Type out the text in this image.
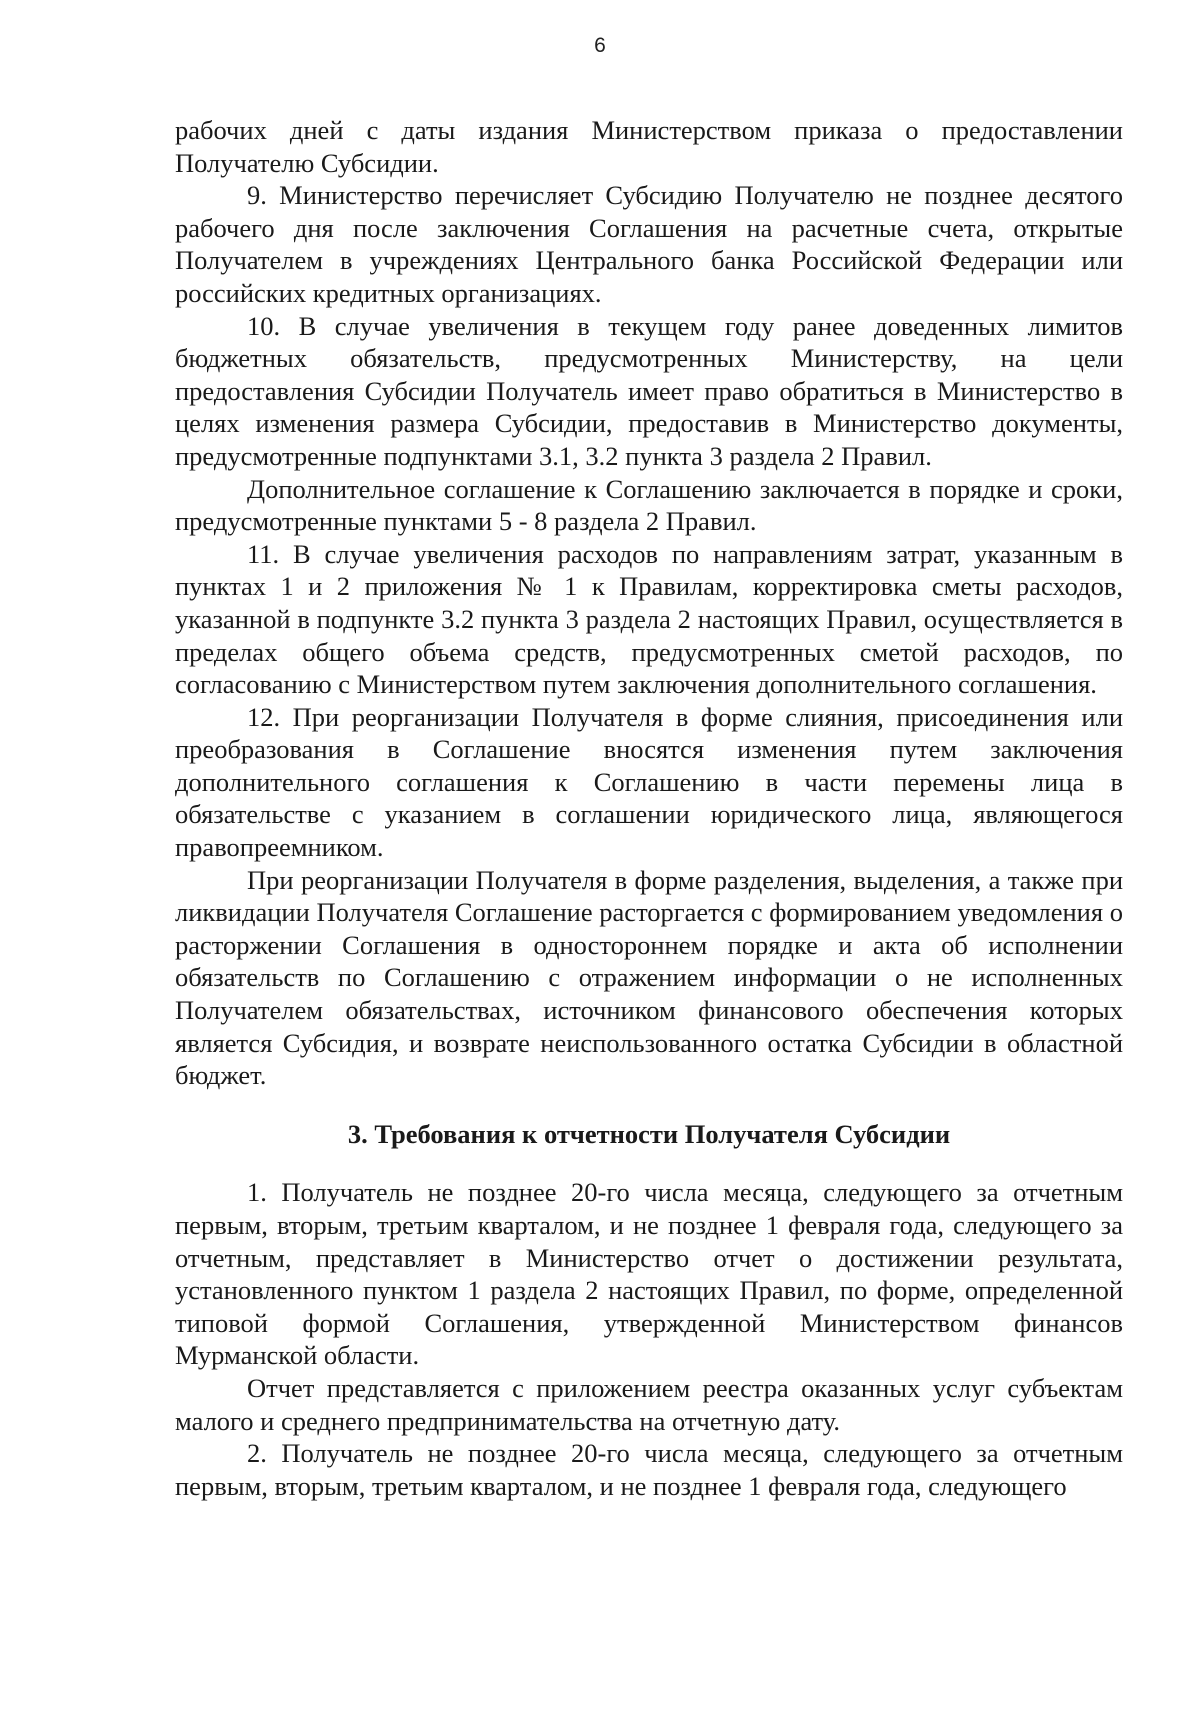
6

рабочих дней с даты издания Министерством приказа о предоставлении Получателю Субсидии.

9. Министерство перечисляет Субсидию Получателю не позднее десятого рабочего дня после заключения Соглашения на расчетные счета, открытые Получателем в учреждениях Центрального банка Российской Федерации или российских кредитных организациях.

10. В случае увеличения в текущем году ранее доведенных лимитов бюджетных обязательств, предусмотренных Министерству, на цели предоставления Субсидии Получатель имеет право обратиться в Министерство в целях изменения размера Субсидии, предоставив в Министерство документы, предусмотренные подпунктами 3.1, 3.2 пункта 3 раздела 2 Правил.

Дополнительное соглашение к Соглашению заключается в порядке и сроки, предусмотренные пунктами 5 - 8 раздела 2 Правил.

11. В случае увеличения расходов по направлениям затрат, указанным в пунктах 1 и 2 приложения № 1 к Правилам, корректировка сметы расходов, указанной в подпункте 3.2 пункта 3 раздела 2 настоящих Правил, осуществляется в пределах общего объема средств, предусмотренных сметой расходов, по согласованию с Министерством путем заключения дополнительного соглашения.

12. При реорганизации Получателя в форме слияния, присоединения или преобразования в Соглашение вносятся изменения путем заключения дополнительного соглашения к Соглашению в части перемены лица в обязательстве с указанием в соглашении юридического лица, являющегося правопреемником.

При реорганизации Получателя в форме разделения, выделения, а также при ликвидации Получателя Соглашение расторгается с формированием уведомления о расторжении Соглашения в одностороннем порядке и акта об исполнении обязательств по Соглашению с отражением информации о не исполненных Получателем обязательствах, источником финансового обеспечения которых является Субсидия, и возврате неиспользованного остатка Субсидии в областной бюджет.

3. Требования к отчетности Получателя Субсидии

1. Получатель не позднее 20-го числа месяца, следующего за отчетным первым, вторым, третьим кварталом, и не позднее 1 февраля года, следующего за отчетным, представляет в Министерство отчет о достижении результата, установленного пунктом 1 раздела 2 настоящих Правил, по форме, определенной типовой формой Соглашения, утвержденной Министерством финансов Мурманской области.

Отчет представляется с приложением реестра оказанных услуг субъектам малого и среднего предпринимательства на отчетную дату.

2. Получатель не позднее 20-го числа месяца, следующего за отчетным первым, вторым, третьим кварталом, и не позднее 1 февраля года, следующего
